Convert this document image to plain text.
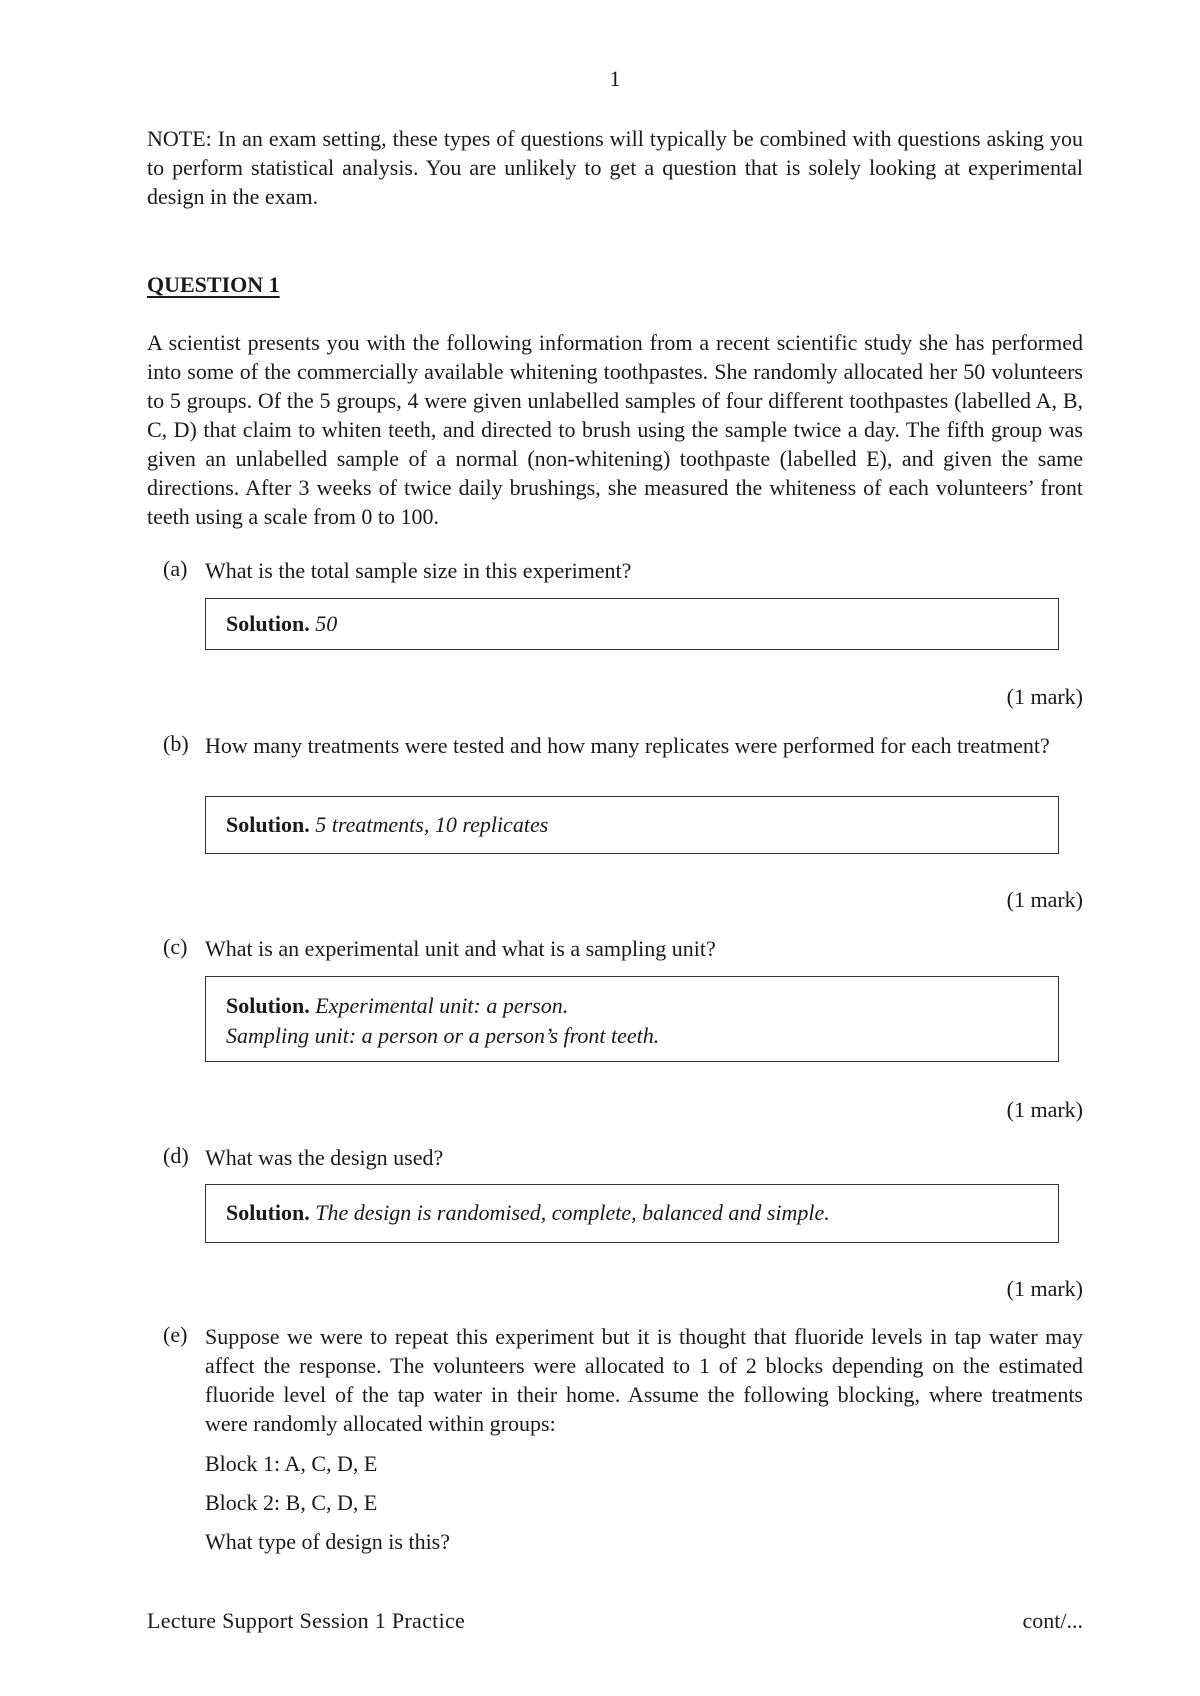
1

NOTE: In an exam setting, these types of questions will typically be combined with questions asking you to perform statistical analysis. You are unlikely to get a question that is solely looking at experimental design in the exam.

QUESTION 1

A scientist presents you with the following information from a recent scientific study she has performed into some of the commercially available whitening toothpastes. She randomly allocated her 50 volunteers to 5 groups. Of the 5 groups, 4 were given unlabelled samples of four different toothpastes (labelled A, B, C, D) that claim to whiten teeth, and directed to brush using the sample twice a day. The fifth group was given an unlabelled sample of a normal (non-whitening) toothpaste (labelled E), and given the same directions. After 3 weeks of twice daily brushings, she measured the whiteness of each volunteers’ front teeth using a scale from 0 to 100.

(a) What is the total sample size in this experiment?

Solution. 50
(1 mark)
(b) How many treatments were tested and how many replicates were performed for each treatment?

Solution. 5 treatments, 10 replicates
(1 mark)
(c) What is an experimental unit and what is a sampling unit?

Solution. Experimental unit: a person.
Sampling unit: a person or a person’s front teeth.
(1 mark)
(d) What was the design used?

Solution. The design is randomised, complete, balanced and simple.
(1 mark)
(e) Suppose we were to repeat this experiment but it is thought that fluoride levels in tap water may affect the response. The volunteers were allocated to 1 of 2 blocks depending on the estimated fluoride level of the tap water in their home. Assume the following blocking, where treatments were randomly allocated within groups:

Block 1: A, C, D, E

Block 2: B, C, D, E

What type of design is this?

Lecture Support Session 1 Practice	cont/...
